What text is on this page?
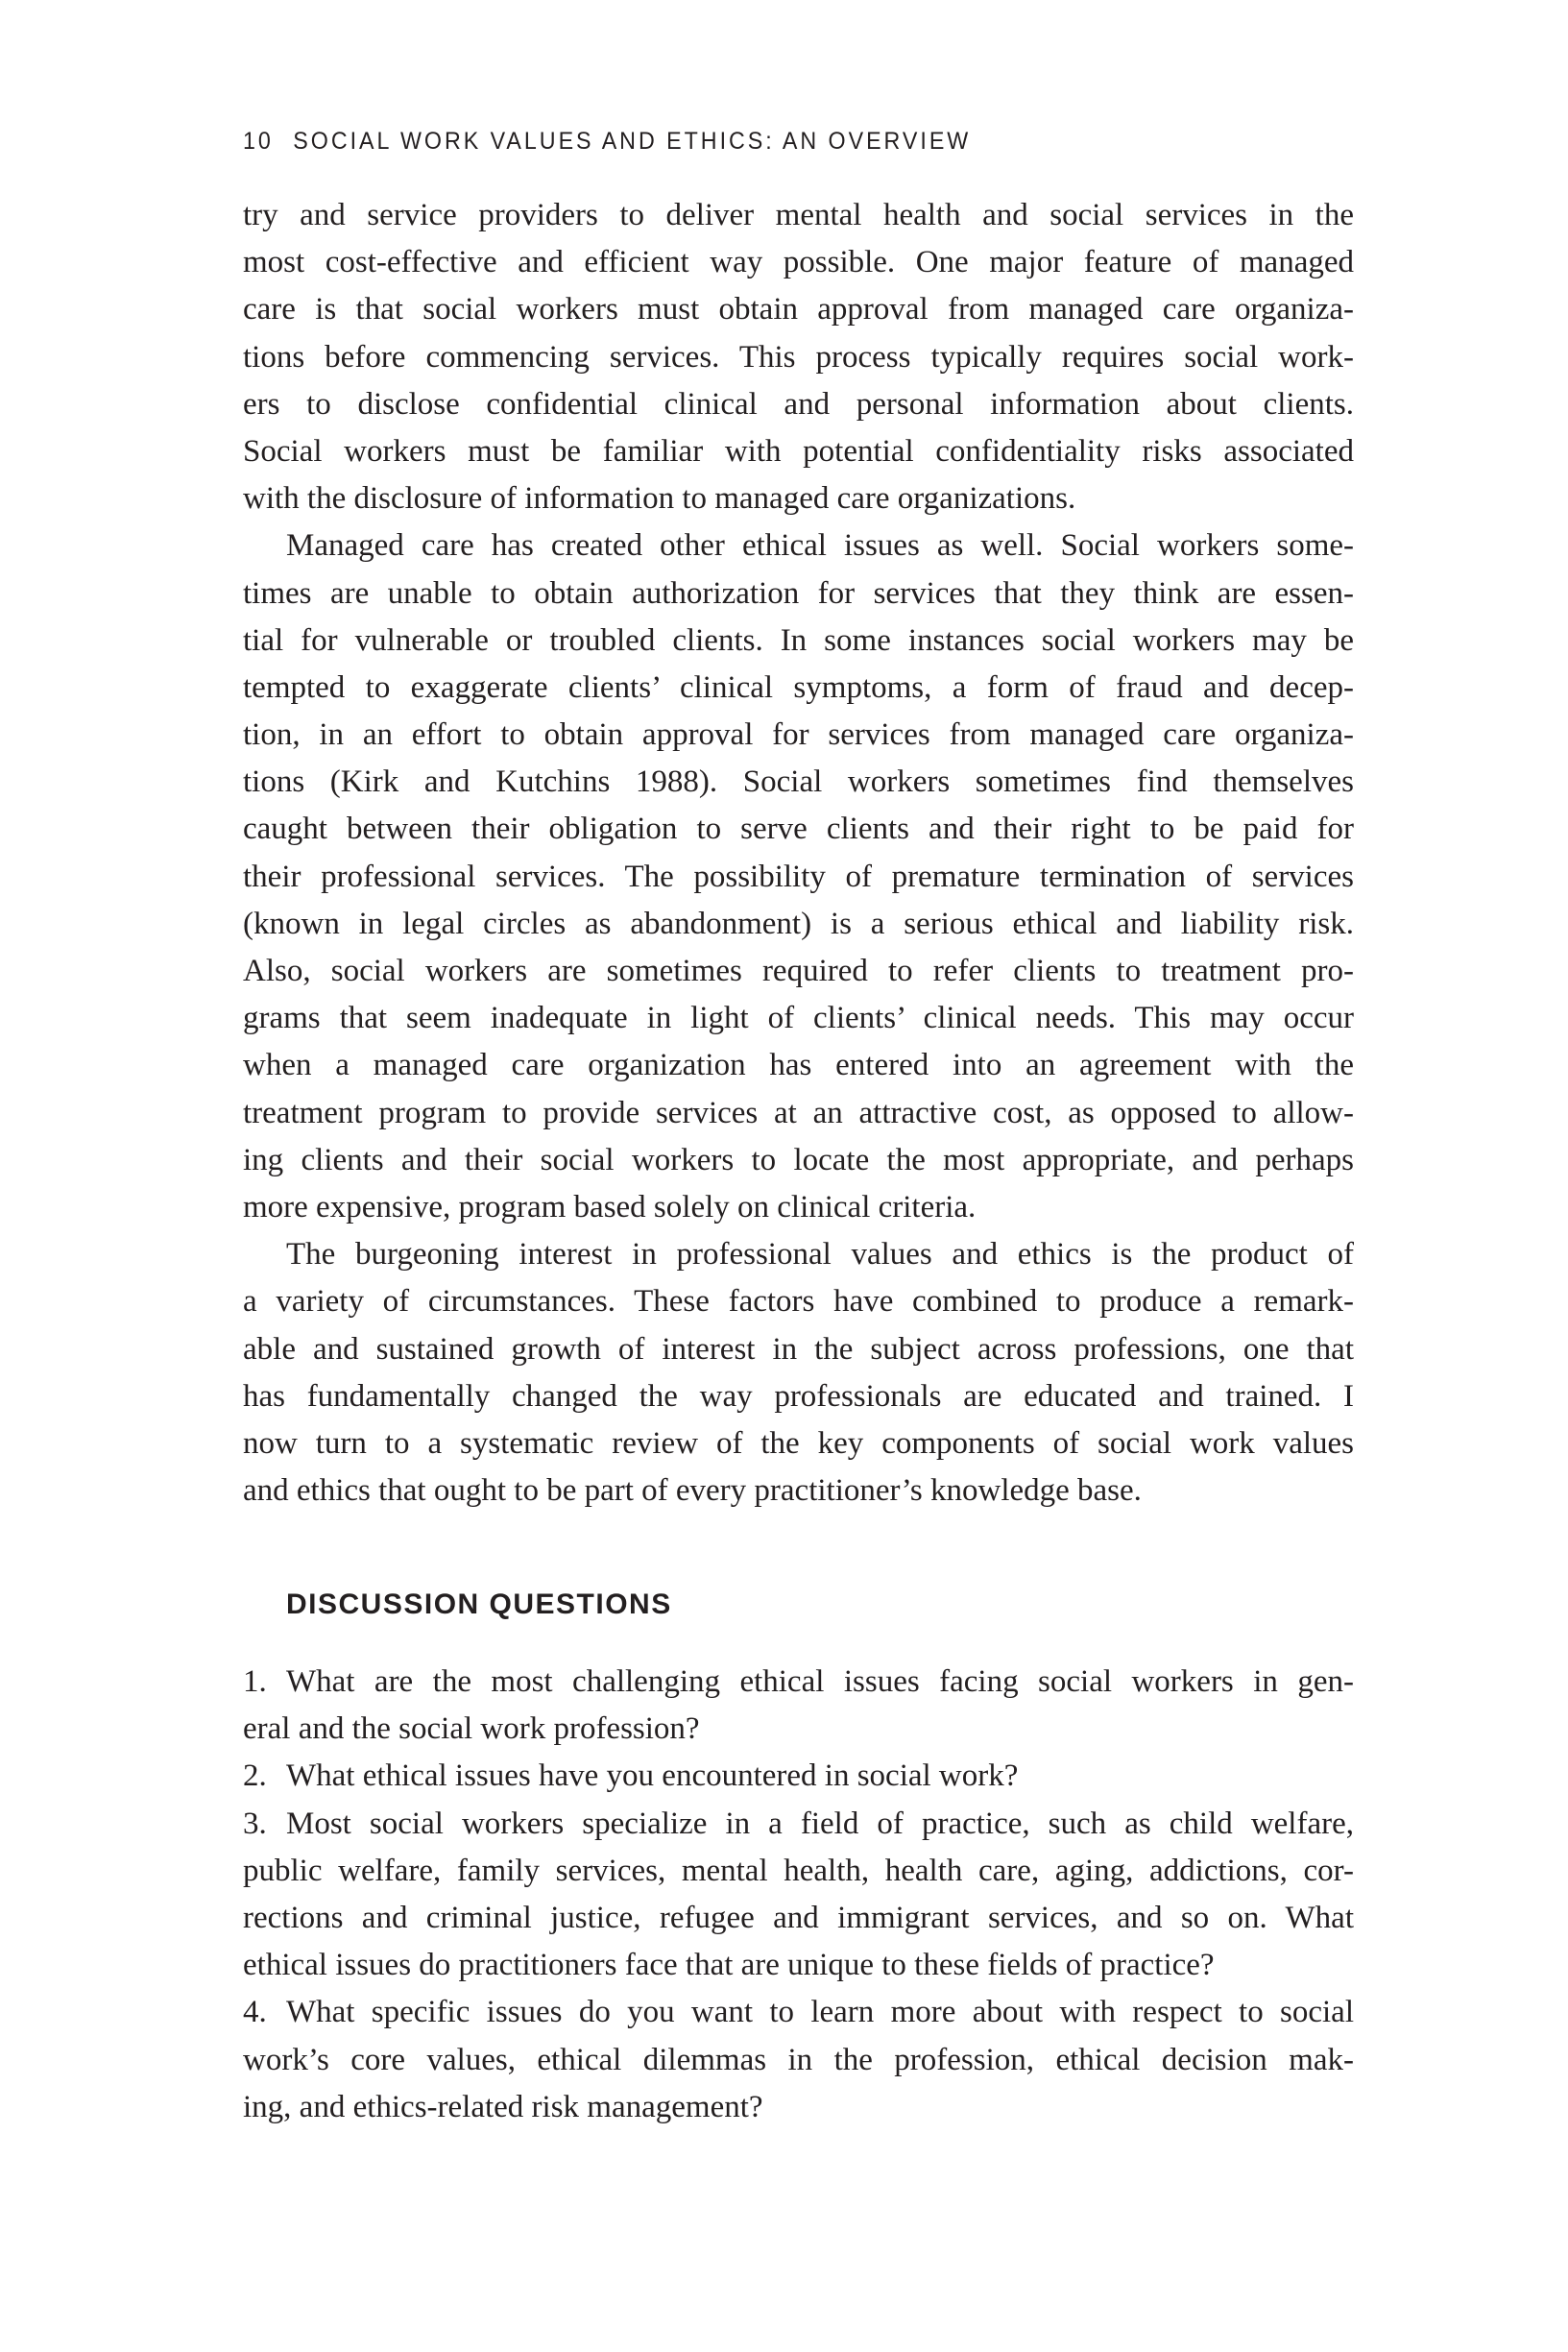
10 SOCIAL WORK VALUES AND ETHICS: AN OVERVIEW
try and service providers to deliver mental health and social services in the
most cost-effective and efficient way possible. One major feature of managed
care is that social workers must obtain approval from managed care organiza-
tions before commencing services. This process typically requires social work-
ers to disclose confidential clinical and personal information about clients.
Social workers must be familiar with potential confidentiality risks associated
with the disclosure of information to managed care organizations.
Managed care has created other ethical issues as well. Social workers some-
times are unable to obtain authorization for services that they think are essen-
tial for vulnerable or troubled clients. In some instances social workers may be
tempted to exaggerate clients’ clinical symptoms, a form of fraud and decep-
tion, in an effort to obtain approval for services from managed care organiza-
tions (Kirk and Kutchins 1988). Social workers sometimes find themselves
caught between their obligation to serve clients and their right to be paid for
their professional services. The possibility of premature termination of services
(known in legal circles as abandonment) is a serious ethical and liability risk.
Also, social workers are sometimes required to refer clients to treatment pro-
grams that seem inadequate in light of clients’ clinical needs. This may occur
when a managed care organization has entered into an agreement with the
treatment program to provide services at an attractive cost, as opposed to allow-
ing clients and their social workers to locate the most appropriate, and perhaps
more expensive, program based solely on clinical criteria.
The burgeoning interest in professional values and ethics is the product of
a variety of circumstances. These factors have combined to produce a remark-
able and sustained growth of interest in the subject across professions, one that
has fundamentally changed the way professionals are educated and trained. I
now turn to a systematic review of the key components of social work values
and ethics that ought to be part of every practitioner’s knowledge base.
DISCUSSION QUESTIONS
1. What are the most challenging ethical issues facing social workers in gen-
eral and the social work profession?
2. What ethical issues have you encountered in social work?
3. Most social workers specialize in a field of practice, such as child welfare,
public welfare, family services, mental health, health care, aging, addictions, cor-
rections and criminal justice, refugee and immigrant services, and so on. What
ethical issues do practitioners face that are unique to these fields of practice?
4. What specific issues do you want to learn more about with respect to social
work’s core values, ethical dilemmas in the profession, ethical decision mak-
ing, and ethics-related risk management?
